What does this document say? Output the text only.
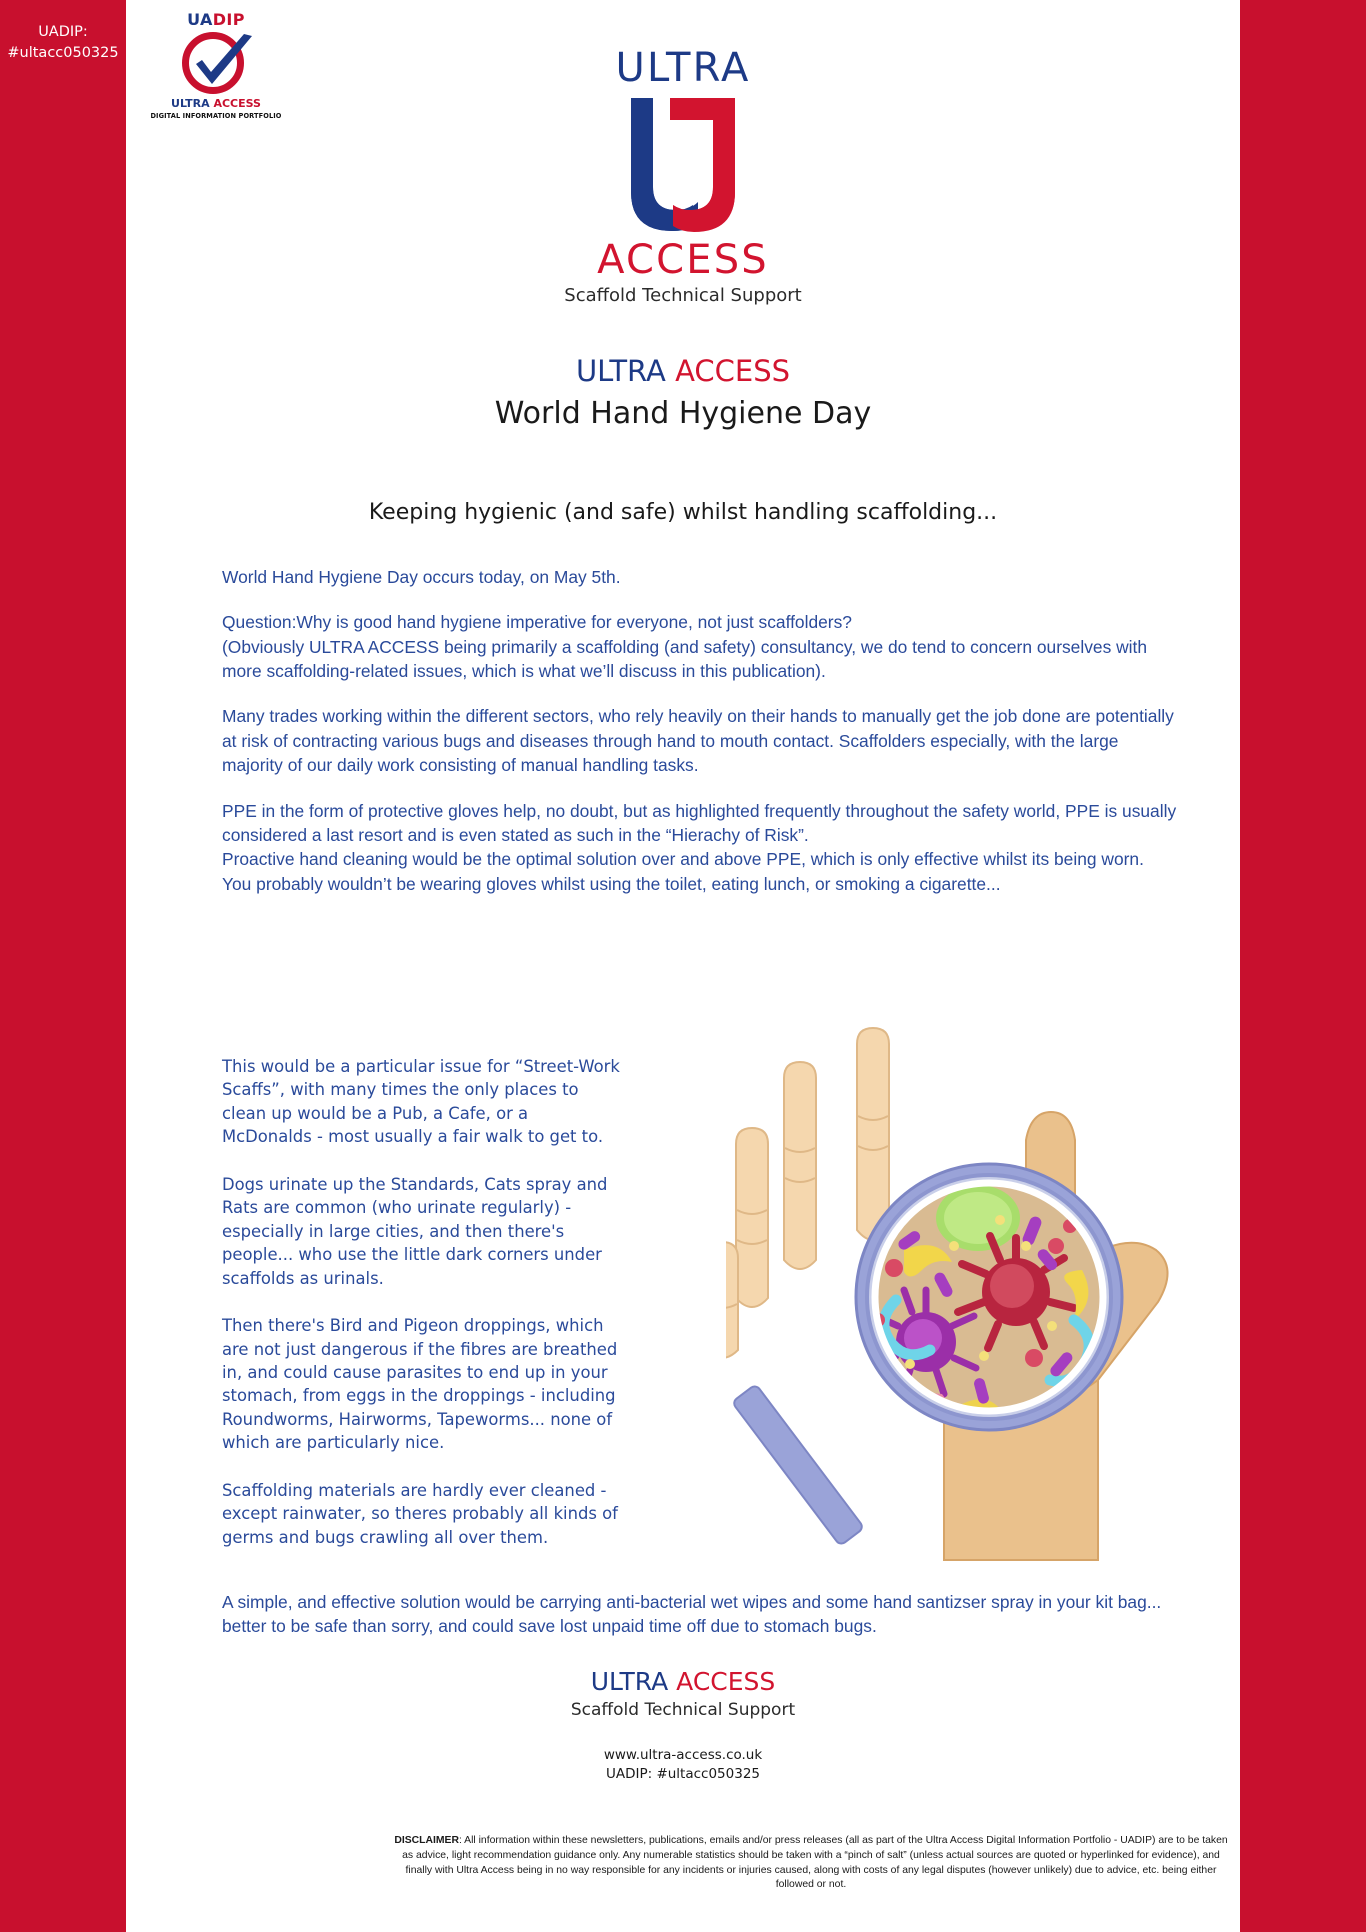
UADIP:
#ultacc050325
UADIP
ULTRA ACCESS
DIGITAL INFORMATION PORTFOLIO
ULTRA
ACCESS
Scaffold Technical Support
ULTRA ACCESS
World Hand Hygiene Day
Keeping hygienic (and safe) whilst handling scaffolding...

World Hand Hygiene Day occurs today, on May 5th.

Question:Why is good hand hygiene imperative for everyone, not just scaffolders?

(Obviously ULTRA ACCESS being primarily a scaffolding (and safety) consultancy, we do tend to concern ourselves with more scaffolding-related issues, which is what we’ll discuss in this publication).

Many trades working within the different sectors, who rely heavily on their hands to manually get the job done are potentially at risk of contracting various bugs and diseases through hand to mouth contact. Scaffolders especially, with the large majority of our daily work consisting of manual handling tasks.

PPE in the form of protective gloves help, no doubt, but as highlighted frequently throughout the safety world, PPE is usually considered a last resort and is even stated as such in the “Hierachy of Risk”.

Proactive hand cleaning would be the optimal solution over and above PPE, which is only effective whilst its being worn.

You probably wouldn’t be wearing gloves whilst using the toilet, eating lunch, or smoking a cigarette...

This would be a particular issue for “Street-Work Scaffs”, with many times the only places to clean up would be a Pub, a Cafe, or a McDonalds - most usually a fair walk to get to.

Dogs urinate up the Standards, Cats spray and Rats are common (who urinate regularly) - especially in large cities, and then there's people... who use the little dark corners under scaffolds as urinals.

Then there's Bird and Pigeon droppings, which are not just dangerous if the fibres are breathed in, and could cause parasites to end up in your stomach, from eggs in the droppings - including Roundworms, Hairworms, Tapeworms... none of which are particularly nice.

Scaffolding materials are hardly ever cleaned - except rainwater, so theres probably all kinds of germs and bugs crawling all over them.

A simple, and effective solution would be carrying anti-bacterial wet wipes and some hand santizser spray in your kit bag... better to be safe than sorry, and could save lost unpaid time off due to stomach bugs.

ULTRA ACCESS
Scaffold Technical Support
www.ultra-access.co.uk
UADIP: #ultacc050325
DISCLAIMER: All information within these newsletters, publications, emails and/or press releases (all as part of the Ultra Access Digital Information Portfolio - UADIP) are to be taken as advice, light recommendation guidance only. Any numerable statistics should be taken with a “pinch of salt” (unless actual sources are quoted or hyperlinked for evidence), and finally with Ultra Access being in no way responsible for any incidents or injuries caused, along with costs of any legal disputes (however unlikely) due to advice, etc. being either followed or not.
